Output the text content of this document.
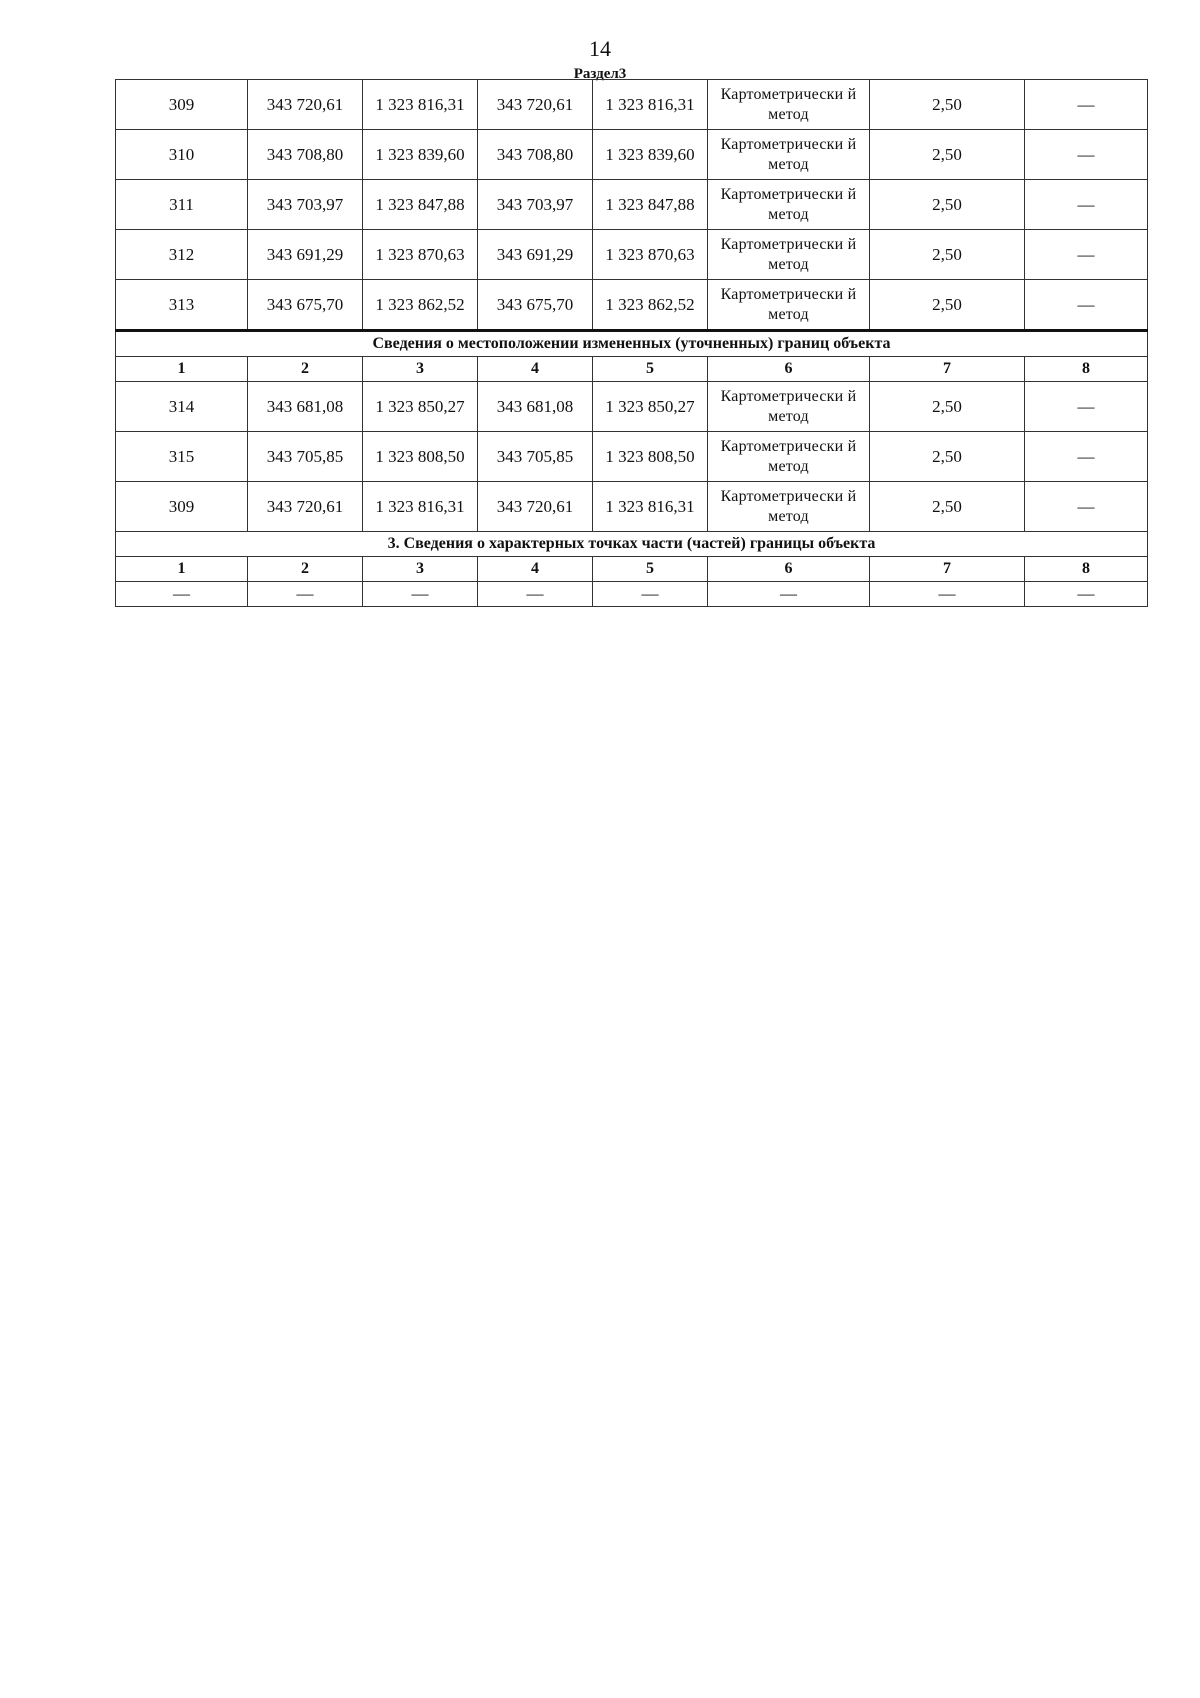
14
Раздел3
309	343 720,61	1 323 816,31	343 720,61	1 323 816,31	Картометрически й метод	2,50	—
310	343 708,80	1 323 839,60	343 708,80	1 323 839,60	Картометрически й метод	2,50	—
311	343 703,97	1 323 847,88	343 703,97	1 323 847,88	Картометрически й метод	2,50	—
312	343 691,29	1 323 870,63	343 691,29	1 323 870,63	Картометрически й метод	2,50	—
313	343 675,70	1 323 862,52	343 675,70	1 323 862,52	Картометрически й метод	2,50	—
Сведения о местоположении измененных (уточненных) границ объекта							
1	2	3	4	5	6	7	8
314	343 681,08	1 323 850,27	343 681,08	1 323 850,27	Картометрически й метод	2,50	—
315	343 705,85	1 323 808,50	343 705,85	1 323 808,50	Картометрически й метод	2,50	—
309	343 720,61	1 323 816,31	343 720,61	1 323 816,31	Картометрически й метод	2,50	—
3. Сведения о характерных точках части (частей) границы объекта							
1	2	3	4	5	6	7	8
—	—	—	—	—	—	—	—
